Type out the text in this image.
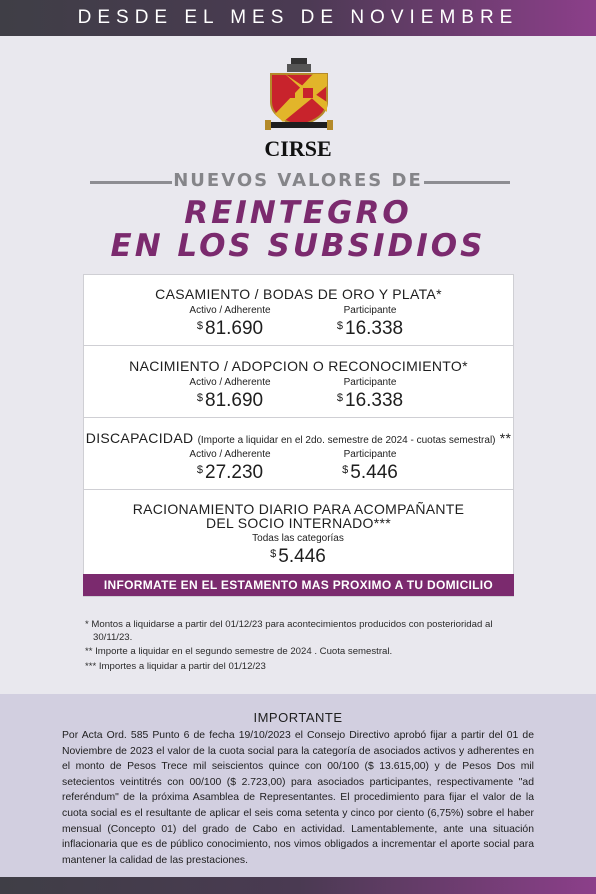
DESDE EL MES DE NOVIEMBRE
CIRSE
NUEVOS VALORES DE
REINTEGRO
EN LOS SUBSIDIOS
CASAMIENTO / BODAS DE ORO Y PLATA*
Activo / Adherente	Participante
$ 81.690	$ 16.338
NACIMIENTO / ADOPCION O RECONOCIMIENTO*
Activo / Adherente	Participante
$ 81.690	$ 16.338
DISCAPACIDAD (Importe a liquidar en el 2do. semestre de 2024 - cuotas semestral) **
Activo / Adherente	Participante
$ 27.230	$ 5.446
RACIONAMIENTO DIARIO PARA ACOMPAÑANTE
DEL SOCIO INTERNADO***
Todas las categorías
$ 5.446
INFORMATE EN EL ESTAMENTO MAS PROXIMO A TU DOMICILIO
* Montos a liquidarse a partir del 01/12/23 para acontecimientos producidos con posterioridad al
30/11/23.
** Importe a liquidar en el segundo semestre de 2024 . Cuota semestral.
*** Importes a liquidar a partir del 01/12/23
IMPORTANTE
Por Acta Ord. 585 Punto 6 de fecha 19/10/2023 el Consejo Directivo aprobó fijar a partir del 01 de Noviembre de 2023 el valor de la cuota social para la categoría de asociados activos y adherentes en el monto de Pesos Trece mil seiscientos quince con 00/100 ($ 13.615,00) y de Pesos Dos mil setecientos veintitrés con 00/100 ($ 2.723,00) para asociados participantes, respectivamente "ad referéndum" de la próxima Asamblea de Representantes. El procedimiento para fijar el valor de la cuota social es el resultante de aplicar el seis coma setenta y cinco por ciento (6,75%) sobre el haber mensual (Concepto 01) del grado de Cabo en actividad. Lamentablemente, ante una situación inflacionaria que es de público conocimiento, nos vimos obligados a incrementar el aporte social para mantener la calidad de las prestaciones.
